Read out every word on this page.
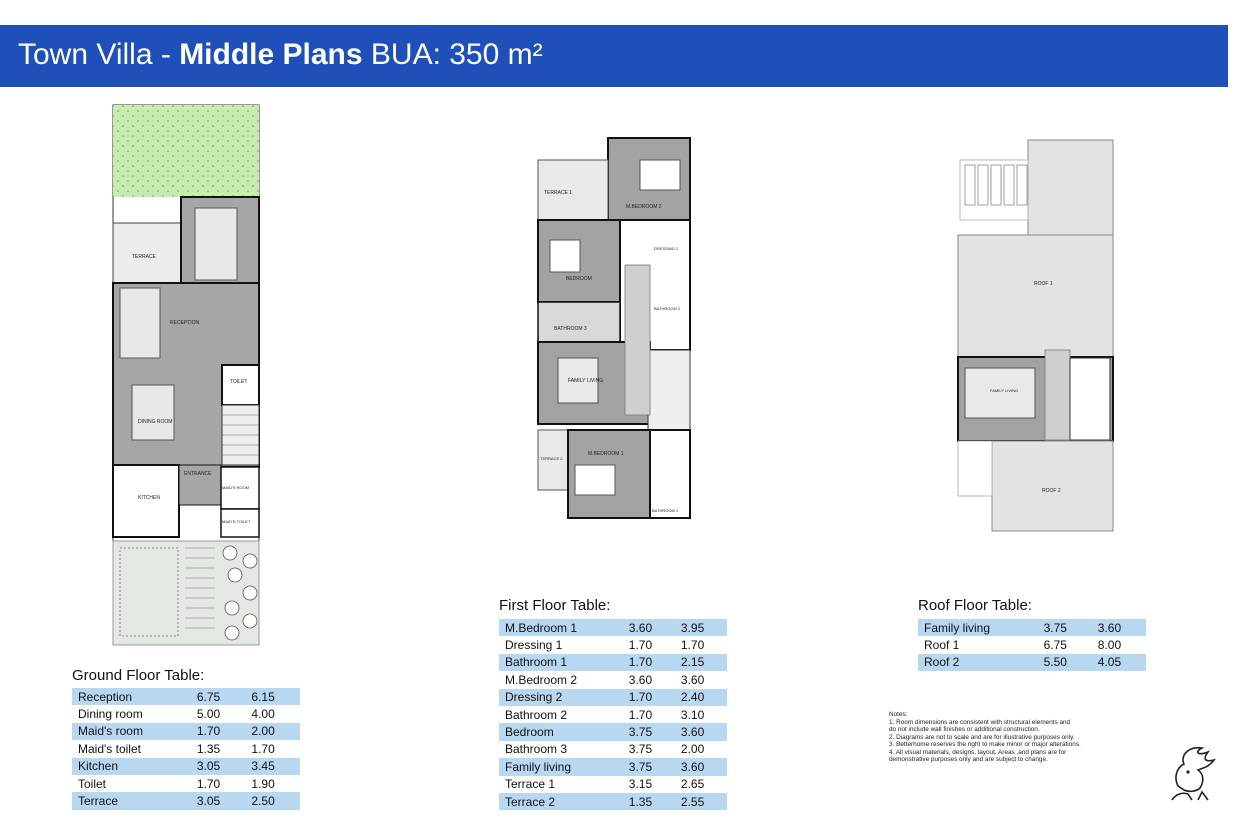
Town Villa - Middle Plans BUA: 350 m²
TERRACE
RECEPTION
TOILET
DINING ROOM
ENTRANCE
KITCHEN
MAID'S ROOM
MAID'S TOILET
TERRACE 1
M.BEDROOM 2
BEDROOM
DRESSING 2
BATHROOM 2
BATHROOM 3
FAMILY LIVING
TERRACE 2
M.BEDROOM 1
BATHROOM 1
ROOF 1
FAMILY LIVING
ROOF 2
Ground Floor Table:
Reception	6.75	6.15
Dining room	5.00	4.00
Maid's room	1.70	2.00
Maid's toilet	1.35	1.70
Kitchen	3.05	3.45
Toilet	1.70	1.90
Terrace	3.05	2.50
First Floor Table:
M.Bedroom 1	3.60	3.95
Dressing 1	1.70	1.70
Bathroom 1	1.70	2.15
M.Bedroom 2	3.60	3.60
Dressing 2	1.70	2.40
Bathroom 2	1.70	3.10
Bedroom	3.75	3.60
Bathroom 3	3.75	2.00
Family living	3.75	3.60
Terrace 1	3.15	2.65
Terrace 2	1.35	2.55
Roof Floor Table:
Family living	3.75	3.60
Roof 1	6.75	8.00
Roof 2	5.50	4.05
Notes:
1. Room dimensions are consistent with structural elements and
do not include wall finishes or additional construction.
2. Diagrams are not to scale and are for illustrative purposes only.
3. Betterhome reserves the right to make minor or major alterations.
4. All visual materials, designs, layout, Areas ,and plans are for
demonstrative purposes only and are subject to change.
